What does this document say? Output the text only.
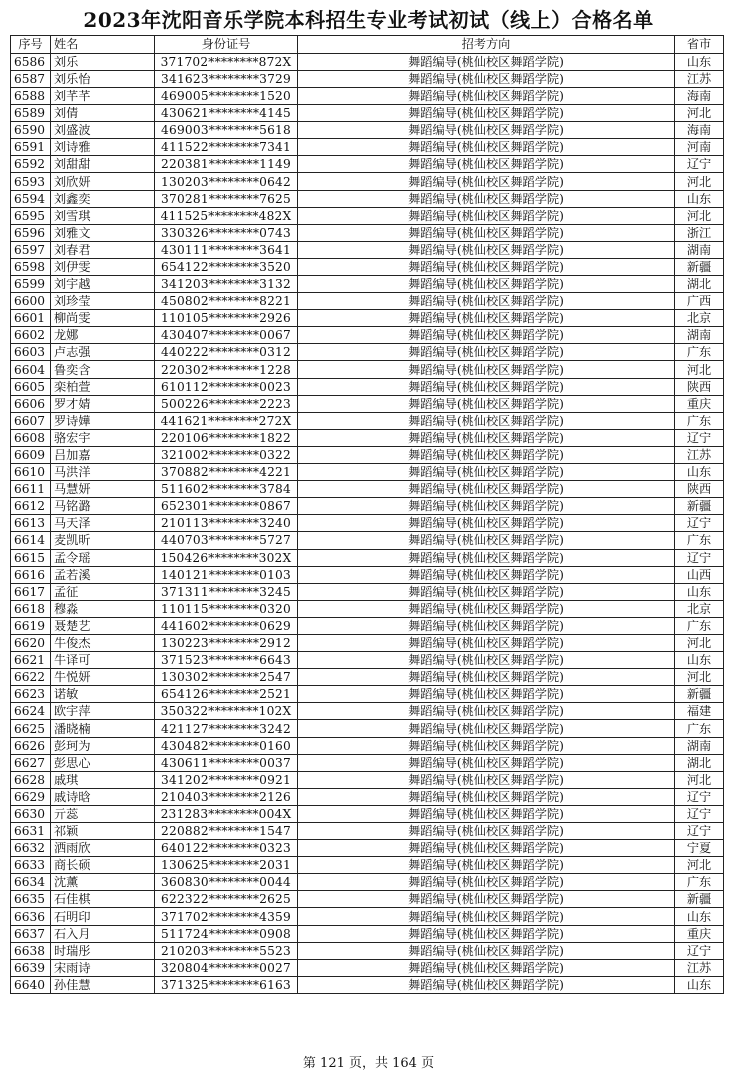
2023年沈阳音乐学院本科招生专业考试初试（线上）合格名单
序号	姓名	身份证号	招考方向	省市
6586	刘乐	371702********872X	舞蹈编导(桃仙校区舞蹈学院)	山东
6587	刘乐怡	341623********3729	舞蹈编导(桃仙校区舞蹈学院)	江苏
6588	刘芊芊	469005********1520	舞蹈编导(桃仙校区舞蹈学院)	海南
6589	刘倩	430621********4145	舞蹈编导(桃仙校区舞蹈学院)	河北
6590	刘盛波	469003********5618	舞蹈编导(桃仙校区舞蹈学院)	海南
6591	刘诗雅	411522********7341	舞蹈编导(桃仙校区舞蹈学院)	河南
6592	刘甜甜	220381********1149	舞蹈编导(桃仙校区舞蹈学院)	辽宁
6593	刘欣妍	130203********0642	舞蹈编导(桃仙校区舞蹈学院)	河北
6594	刘鑫奕	370281********7625	舞蹈编导(桃仙校区舞蹈学院)	山东
6595	刘雪琪	411525********482X	舞蹈编导(桃仙校区舞蹈学院)	河北
6596	刘雅文	330326********0743	舞蹈编导(桃仙校区舞蹈学院)	浙江
6597	刘春君	430111********3641	舞蹈编导(桃仙校区舞蹈学院)	湖南
6598	刘伊雯	654122********3520	舞蹈编导(桃仙校区舞蹈学院)	新疆
6599	刘宇越	341203********3132	舞蹈编导(桃仙校区舞蹈学院)	湖北
6600	刘珍莹	450802********8221	舞蹈编导(桃仙校区舞蹈学院)	广西
6601	柳尚雯	110105********2926	舞蹈编导(桃仙校区舞蹈学院)	北京
6602	龙娜	430407********0067	舞蹈编导(桃仙校区舞蹈学院)	湖南
6603	卢志强	440222********0312	舞蹈编导(桃仙校区舞蹈学院)	广东
6604	鲁奕含	220302********1228	舞蹈编导(桃仙校区舞蹈学院)	河北
6605	栾柏萱	610112********0023	舞蹈编导(桃仙校区舞蹈学院)	陕西
6606	罗才婧	500226********2223	舞蹈编导(桃仙校区舞蹈学院)	重庆
6607	罗诗嬅	441621********272X	舞蹈编导(桃仙校区舞蹈学院)	广东
6608	骆宏宇	220106********1822	舞蹈编导(桃仙校区舞蹈学院)	辽宁
6609	吕加嘉	321002********0322	舞蹈编导(桃仙校区舞蹈学院)	江苏
6610	马洪洋	370882********4221	舞蹈编导(桃仙校区舞蹈学院)	山东
6611	马慧妍	511602********3784	舞蹈编导(桃仙校区舞蹈学院)	陕西
6612	马铭潞	652301********0867	舞蹈编导(桃仙校区舞蹈学院)	新疆
6613	马天泽	210113********3240	舞蹈编导(桃仙校区舞蹈学院)	辽宁
6614	麦凯昕	440703********5727	舞蹈编导(桃仙校区舞蹈学院)	广东
6615	孟令瑶	150426********302X	舞蹈编导(桃仙校区舞蹈学院)	辽宁
6616	孟若溪	140121********0103	舞蹈编导(桃仙校区舞蹈学院)	山西
6617	孟征	371311********3245	舞蹈编导(桃仙校区舞蹈学院)	山东
6618	穆淼	110115********0320	舞蹈编导(桃仙校区舞蹈学院)	北京
6619	聂楚艺	441602********0629	舞蹈编导(桃仙校区舞蹈学院)	广东
6620	牛俊杰	130223********2912	舞蹈编导(桃仙校区舞蹈学院)	河北
6621	牛译可	371523********6643	舞蹈编导(桃仙校区舞蹈学院)	山东
6622	牛悦妍	130302********2547	舞蹈编导(桃仙校区舞蹈学院)	河北
6623	诺敏	654126********2521	舞蹈编导(桃仙校区舞蹈学院)	新疆
6624	欧宇萍	350322********102X	舞蹈编导(桃仙校区舞蹈学院)	福建
6625	潘晓楠	421127********3242	舞蹈编导(桃仙校区舞蹈学院)	广东
6626	彭珂为	430482********0160	舞蹈编导(桃仙校区舞蹈学院)	湖南
6627	彭思心	430611********0037	舞蹈编导(桃仙校区舞蹈学院)	湖北
6628	戚琪	341202********0921	舞蹈编导(桃仙校区舞蹈学院)	河北
6629	戚诗晗	210403********2126	舞蹈编导(桃仙校区舞蹈学院)	辽宁
6630	亓蕊	231283********004X	舞蹈编导(桃仙校区舞蹈学院)	辽宁
6631	祁颖	220882********1547	舞蹈编导(桃仙校区舞蹈学院)	辽宁
6632	洒雨欣	640122********0323	舞蹈编导(桃仙校区舞蹈学院)	宁夏
6633	商长硕	130625********2031	舞蹈编导(桃仙校区舞蹈学院)	河北
6634	沈薰	360830********0044	舞蹈编导(桃仙校区舞蹈学院)	广东
6635	石佳棋	622322********2625	舞蹈编导(桃仙校区舞蹈学院)	新疆
6636	石明印	371702********4359	舞蹈编导(桃仙校区舞蹈学院)	山东
6637	石入月	511724********0908	舞蹈编导(桃仙校区舞蹈学院)	重庆
6638	时瑞彤	210203********5523	舞蹈编导(桃仙校区舞蹈学院)	辽宁
6639	宋雨诗	320804********0027	舞蹈编导(桃仙校区舞蹈学院)	江苏
6640	孙佳慧	371325********6163	舞蹈编导(桃仙校区舞蹈学院)	山东
第 121 页，共 164 页
